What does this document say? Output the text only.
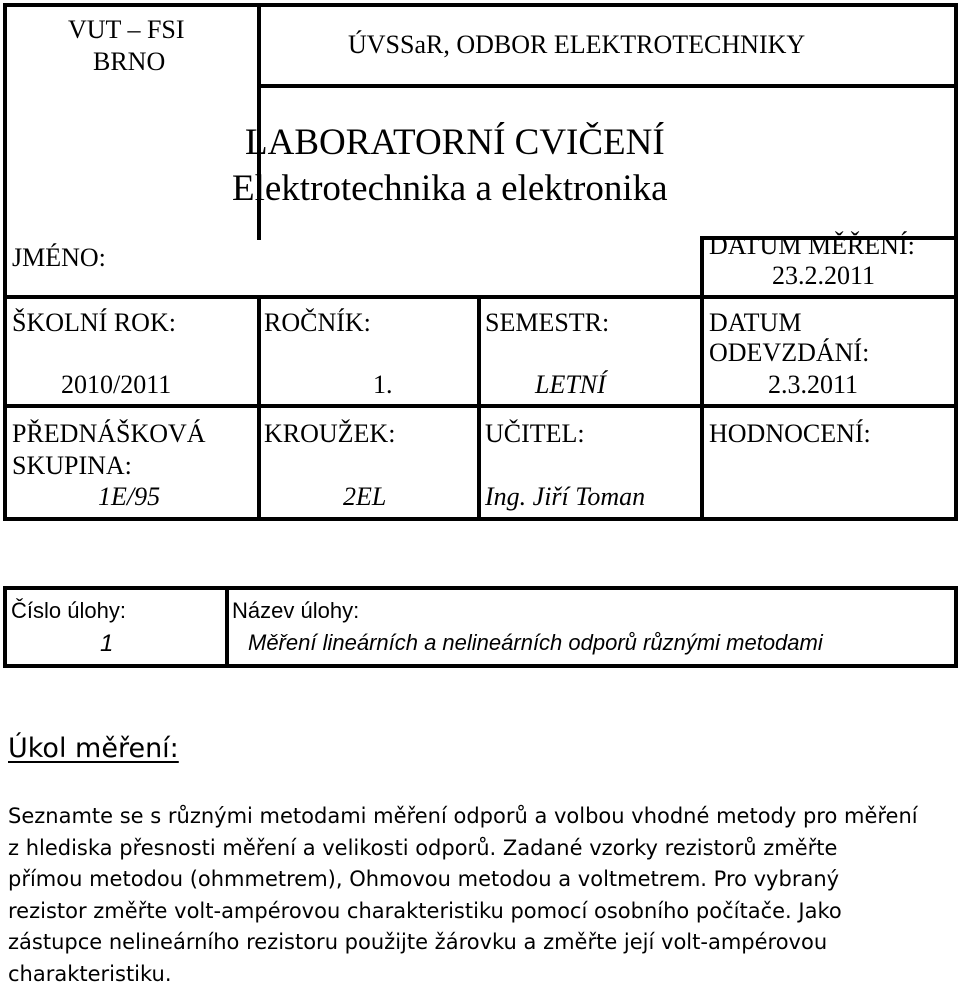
VUT – FSI
BRNO
ÚVSSaR, ODBOR ELEKTROTECHNIKY
LABORATORNÍ CVIČENÍ
Elektrotechnika a elektronika
JMÉNO:	DATUM MĚŘENÍ:
23.2.2011
ŠKOLNÍ ROK:
2010/2011
ROČNÍK:
1.
SEMESTR:
LETNÍ
DATUM
ODEVZDÁNÍ:
2.3.2011
PŘEDNÁŠKOVÁ
SKUPINA:
1E/95
KROUŽEK:
2EL
UČITEL:
Ing. Jiří Toman
HODNOCENÍ:
Číslo úlohy:
1
Název úlohy:
Měření lineárních a nelineárních odporů různými metodami
Úkol měření:

Seznamte se s různými metodami měření odporů a volbou vhodné metody pro měření
z hlediska přesnosti měření a velikosti odporů. Zadané vzorky rezistorů změřte
přímou metodou (ohmmetrem), Ohmovou metodou a voltmetrem. Pro vybraný
rezistor změřte volt-ampérovou charakteristiku pomocí osobního počítače. Jako
zástupce nelineárního rezistoru použijte žárovku a změřte její volt-ampérovou
charakteristiku.
